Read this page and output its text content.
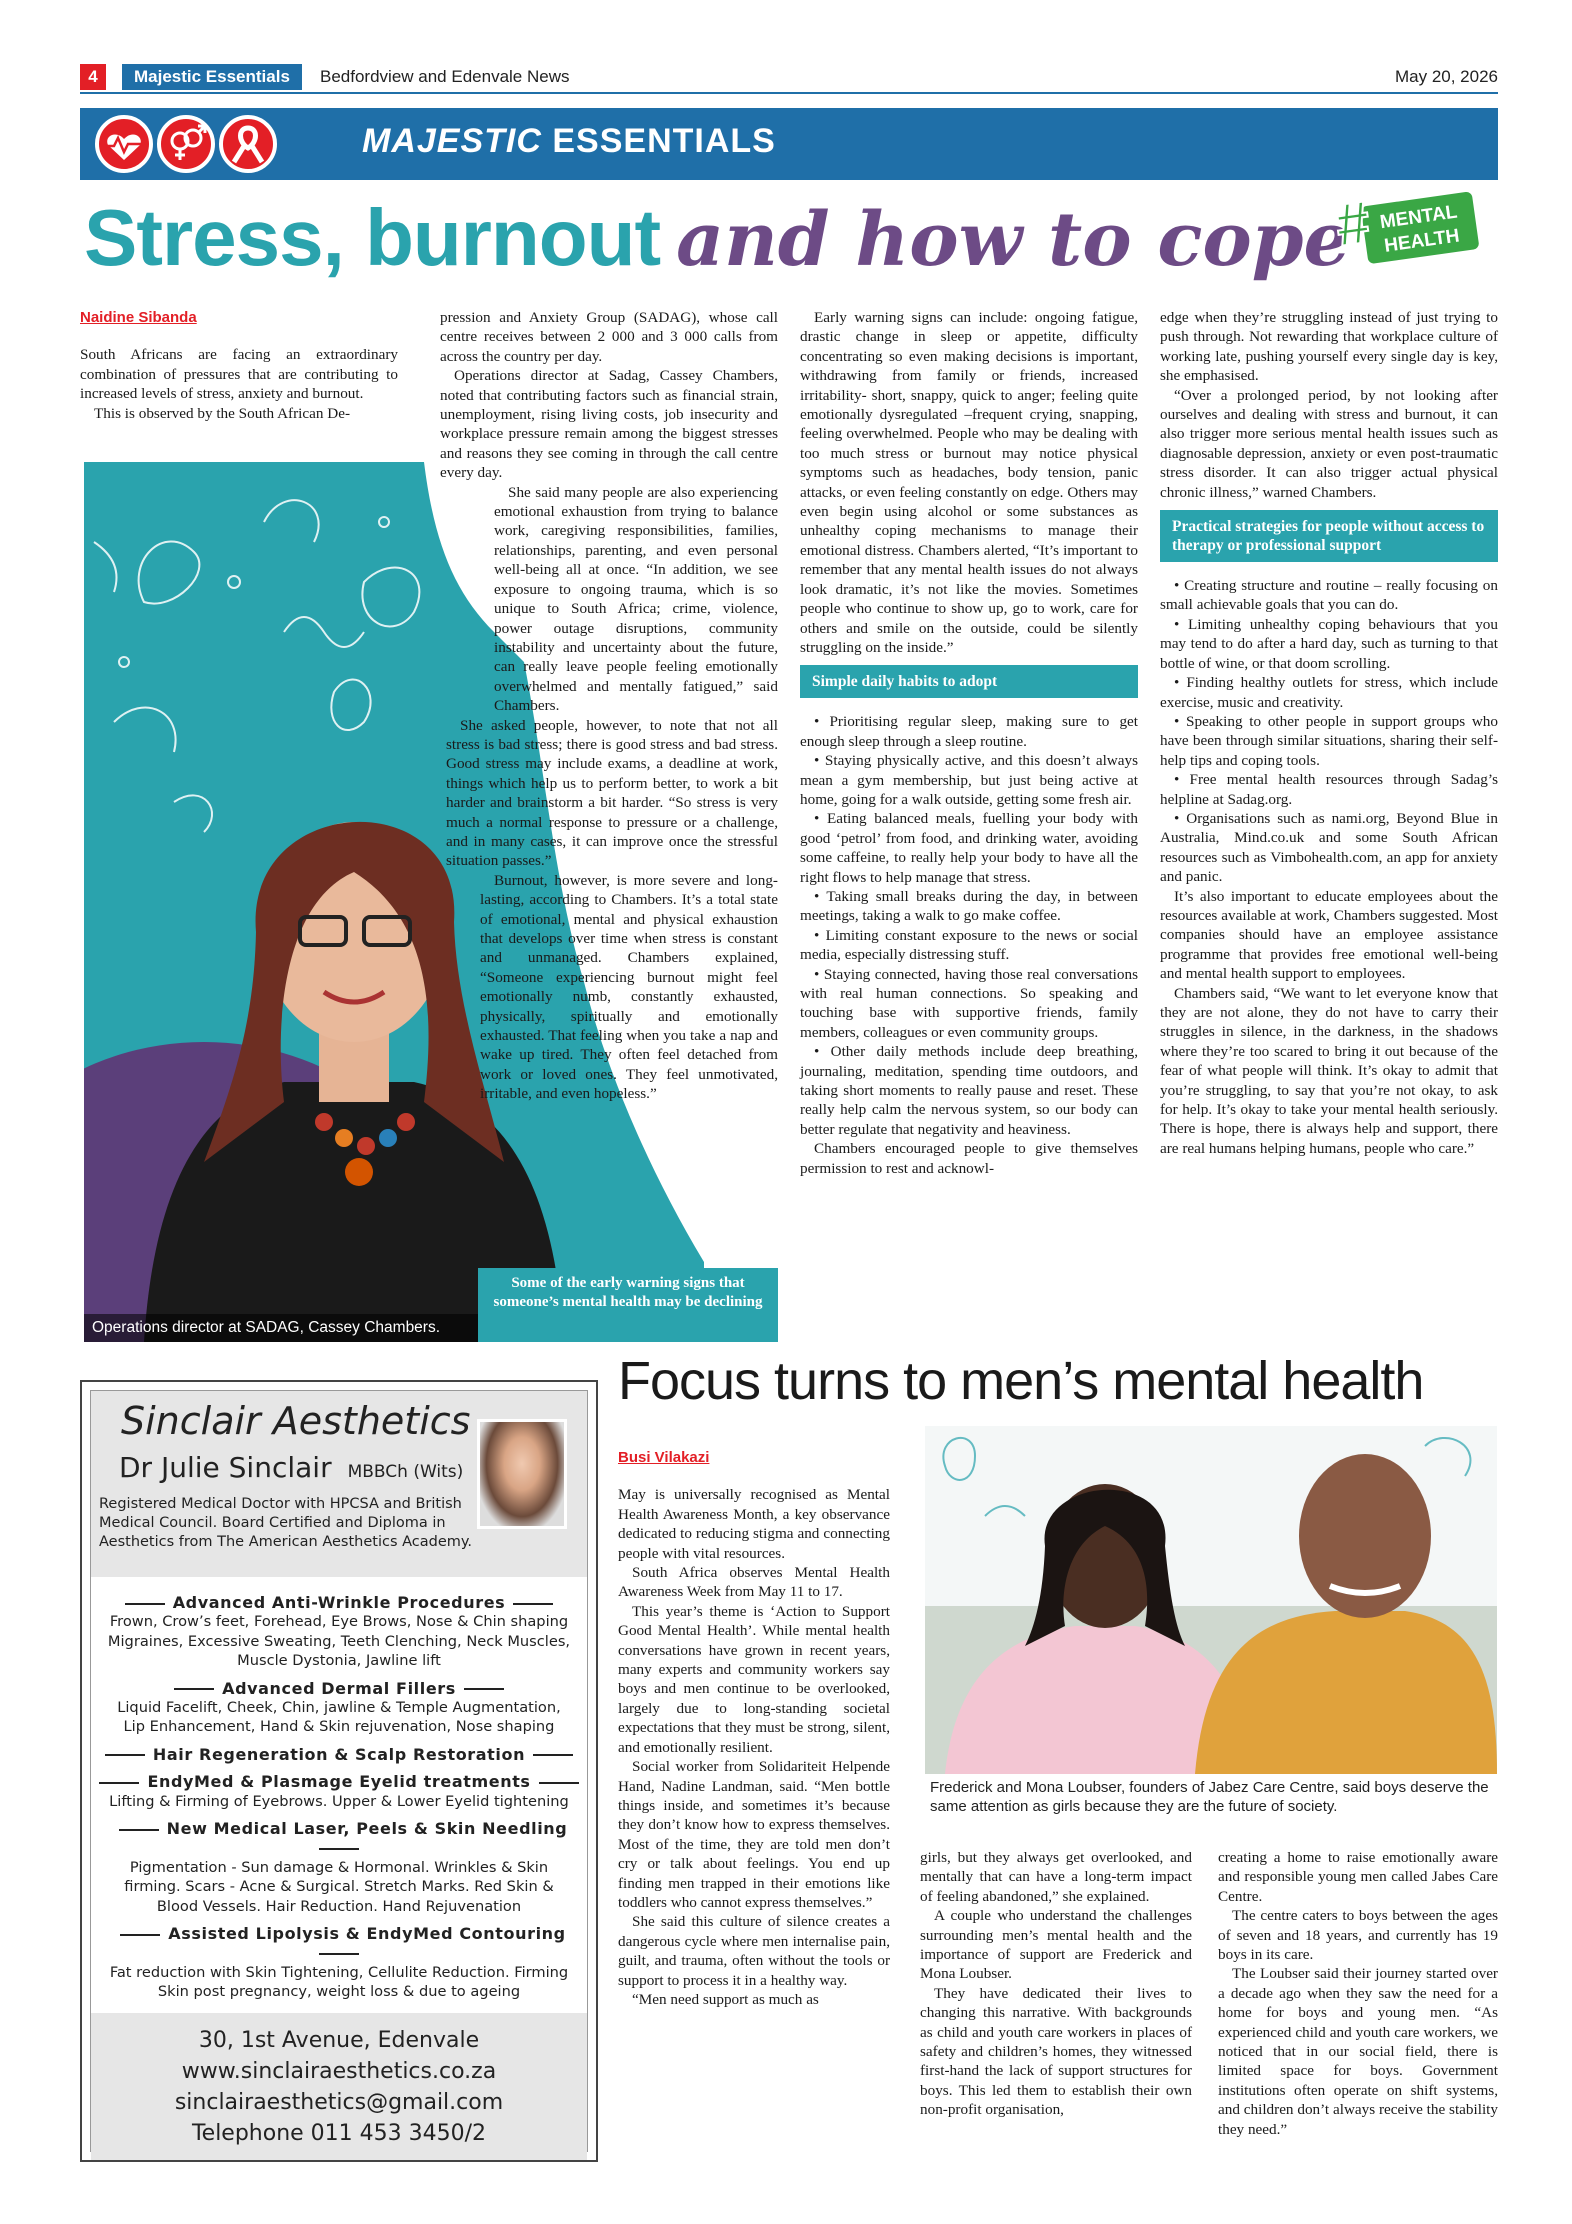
4	Majestic Essentials	Bedfordview and Edenvale News	May 20, 2026
MAJESTIC ESSENTIALS
Stress, burnout and how to cope MENTAL
HEALTH
#

Naidine Sibanda

South Africans are facing an extraordinary combination of pressures that are contributing to increased levels of stress, anxiety and burnout.

This is observed by the South African De-

pression and Anxiety Group (SADAG), whose call centre receives between 2 000 and 3 000 calls from across the country per day.

Operations director at Sadag, Cassey Chambers, noted that contributing factors such as financial strain, unemployment, rising living costs, job insecurity and workplace pressure remain among the biggest stresses and reasons they see coming in through the call centre every day.

She said many people are also experiencing emotional exhaustion from trying to balance work, caregiving responsibilities, families, relationships, parenting, and even personal well-being all at once. “In addition, we see exposure to ongoing trauma, which is so unique to South Africa; crime, violence, power outage disruptions, community instability and uncertainty about the future, can really leave people feeling emotionally overwhelmed and mentally fatigued,” said Chambers.

She asked people, however, to note that not all stress is bad stress; there is good stress and bad stress. Good stress may include exams, a deadline at work, things which help us to perform better, to work a bit harder and brainstorm a bit harder. “So stress is very much a normal response to pressure or a challenge, and in many cases, it can improve once the stressful situation passes.”

Burnout, however, is more severe and long-lasting, according to Chambers. It’s a total state of emotional, mental and physical exhaustion that develops over time when stress is constant and unmanaged. Chambers explained, “Someone experiencing burnout might feel emotionally numb, constantly exhausted, physically, spiritually and emotionally exhausted. That feeling when you take a nap and wake up tired. They often feel detached from work or loved ones. They feel unmotivated, irritable, and even hopeless.”

Operations director at SADAG, Cassey Chambers.
Some of the early warning signs that someone’s mental health may be declining

Early warning signs can include: ongoing fatigue, drastic change in sleep or appetite, difficulty concentrating so even making decisions is important, withdrawing from family or friends, increased irritability- short, snappy, quick to anger; feeling quite emotionally dysregulated –frequent crying, snapping, feeling overwhelmed. People who may be dealing with too much stress or burnout may notice physical symptoms such as headaches, body tension, panic attacks, or even feeling constantly on edge. Others may even begin using alcohol or some substances as unhealthy coping mechanisms to manage their emotional distress. Chambers alerted, “It’s important to remember that any mental health issues do not always look dramatic, it’s not like the movies. Sometimes people who continue to show up, go to work, care for others and smile on the outside, could be silently struggling on the inside.”

Simple daily habits to adopt

• Prioritising regular sleep, making sure to get enough sleep through a sleep routine.

• Staying physically active, and this doesn’t always mean a gym membership, but just being active at home, going for a walk outside, getting some fresh air.

• Eating balanced meals, fuelling your body with good ‘petrol’ from food, and drinking water, avoiding some caffeine, to really help your body to have all the right flows to help manage that stress.

• Taking small breaks during the day, in between meetings, taking a walk to go make coffee.

• Limiting constant exposure to the news or social media, especially distressing stuff.

• Staying connected, having those real conversations with real human connections. So speaking and touching base with supportive friends, family members, colleagues or even community groups.

• Other daily methods include deep breathing, journaling, meditation, spending time outdoors, and taking short moments to really pause and reset. These really help calm the nervous system, so our body can better regulate that negativity and heaviness.

Chambers encouraged people to give themselves permission to rest and acknowl-

edge when they’re struggling instead of just trying to push through. Not rewarding that workplace culture of working late, pushing yourself every single day is key, she emphasised.

“Over a prolonged period, by not looking after ourselves and dealing with stress and burnout, it can also trigger more serious mental health issues such as diagnosable depression, anxiety or even post-traumatic stress disorder. It can also trigger actual physical chronic illness,” warned Chambers.

Practical strategies for people without access to therapy or professional support

• Creating structure and routine – really focusing on small achievable goals that you can do.

• Limiting unhealthy coping behaviours that you may tend to do after a hard day, such as turning to that bottle of wine, or that doom scrolling.

• Finding healthy outlets for stress, which include exercise, music and creativity.

• Speaking to other people in support groups who have been through similar situations, sharing their self-help tips and coping tools.

• Free mental health resources through Sadag’s helpline at Sadag.org.

• Organisations such as nami.org, Beyond Blue in Australia, Mind.co.uk and some South African resources such as Vimbohealth.com, an app for anxiety and panic.

It’s also important to educate employees about the resources available at work, Chambers suggested. Most companies should have an employee assistance programme that provides free emotional well-being and mental health support to employees.

Chambers said, “We want to let everyone know that they are not alone, they do not have to carry their struggles in silence, in the darkness, in the shadows where they’re too scared to bring it out because of the fear of what people will think. It’s okay to admit that you’re struggling, to say that you’re not okay, to ask for help. It’s okay to take your mental health seriously. There is hope, there is always help and support, there are real humans helping humans, people who care.”

Sinclair Aesthetics
Dr Julie Sinclair MBBCh (Wits)
Registered Medical Doctor with HPCSA and British Medical Council. Board Certified and Diploma in Aesthetics from The American Aesthetics Academy.
Advanced Anti-Wrinkle Procedures
Frown, Crow’s feet, Forehead, Eye Brows, Nose & Chin shaping Migraines, Excessive Sweating, Teeth Clenching, Neck Muscles, Muscle Dystonia, Jawline lift
Advanced Dermal Fillers
Liquid Facelift, Cheek, Chin, jawline & Temple Augmentation, Lip Enhancement, Hand & Skin rejuvenation, Nose shaping
Hair Regeneration & Scalp Restoration
EndyMed & Plasmage Eyelid treatments
Lifting & Firming of Eyebrows. Upper & Lower Eyelid tightening
New Medical Laser, Peels & Skin Needling
Pigmentation - Sun damage & Hormonal. Wrinkles & Skin firming. Scars - Acne & Surgical. Stretch Marks. Red Skin & Blood Vessels. Hair Reduction. Hand Rejuvenation
Assisted Lipolysis & EndyMed Contouring
Fat reduction with Skin Tightening, Cellulite Reduction. Firming Skin post pregnancy, weight loss & due to ageing
30, 1st Avenue, Edenvale
www.sinclairaesthetics.co.za
sinclairaesthetics@gmail.com
Telephone 011 453 3450/2
Focus turns to men’s mental health
Frederick and Mona Loubser, founders of Jabez Care Centre, said boys deserve the same attention as girls because they are the future of society.

Busi Vilakazi

May is universally recognised as Mental Health Awareness Month, a key observance dedicated to reducing stigma and connecting people with vital resources.

South Africa observes Mental Health Awareness Week from May 11 to 17.

This year’s theme is ‘Action to Support Good Mental Health’. While mental health conversations have grown in recent years, many experts and community workers say boys and men continue to be overlooked, largely due to long-standing societal expectations that they must be strong, silent, and emotionally resilient.

Social worker from Solidariteit Helpende Hand, Nadine Landman, said. “Men bottle things inside, and sometimes it’s because they don’t know how to express themselves. Most of the time, they are told men don’t cry or talk about feelings. You end up finding men trapped in their emotions like toddlers who cannot express themselves.”

She said this culture of silence creates a dangerous cycle where men internalise pain, guilt, and trauma, often without the tools or support to process it in a healthy way.

“Men need support as much as

girls, but they always get overlooked, and mentally that can have a long-term impact of feeling abandoned,” she explained.

A couple who understand the challenges surrounding men’s mental health and the importance of support are Frederick and Mona Loubser.

They have dedicated their lives to changing this narrative. With backgrounds as child and youth care workers in places of safety and children’s homes, they witnessed first-hand the lack of support structures for boys. This led them to establish their own non-profit organisation,

creating a home to raise emotionally aware and responsible young men called Jabes Care Centre.

The centre caters to boys between the ages of seven and 18 years, and currently has 19 boys in its care.

The Loubser said their journey started over a decade ago when they saw the need for a home for boys and young men. “As experienced child and youth care workers, we noticed that in our social field, there is limited space for boys. Government institutions often operate on shift systems, and children don’t always receive the stability they need.”
